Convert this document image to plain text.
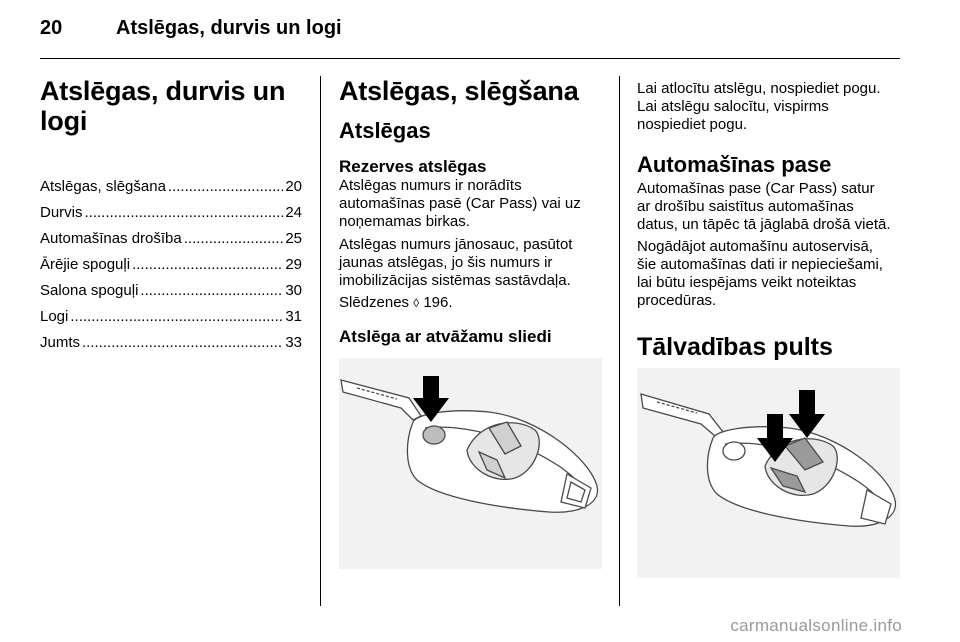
20	Atslēgas, durvis un logi
Atslēgas, durvis un
logi
Atslēgas, slēgšana .....	20
Durvis .....	24
Automašīnas drošība .....	25
Ārējie spoguļi .....	29
Salona spoguļi .....	30
Logi .....	31
Jumts .....	33
Atslēgas, slēgšana
Atslēgas
Rezerves atslēgas
Atslēgas numurs ir norādīts
automašīnas pasē (Car Pass) vai uz
noņemamas birkas.
Atslēgas numurs jānosauc, pasūtot
jaunas atslēgas, jo šis numurs ir
imobilizācijas sistēmas sastāvdaļa.
Slēdzenes ◊ 196.
Atslēga ar atvāžamu sliedi
Lai atlocītu atslēgu, nospiediet pogu.
Lai atslēgu salocītu, vispirms
nospiediet pogu.
Automašīnas pase
Automašīnas pase (Car Pass) satur
ar drošību saistītus automašīnas
datus, un tāpēc tā jāglabā drošā vietā.
Nogādājot automašīnu autoservisā,
šie automašīnas dati ir nepieciešami,
lai būtu iespējams veikt noteiktas
procedūras.
Tālvadības pults
carmanualsonline.info
